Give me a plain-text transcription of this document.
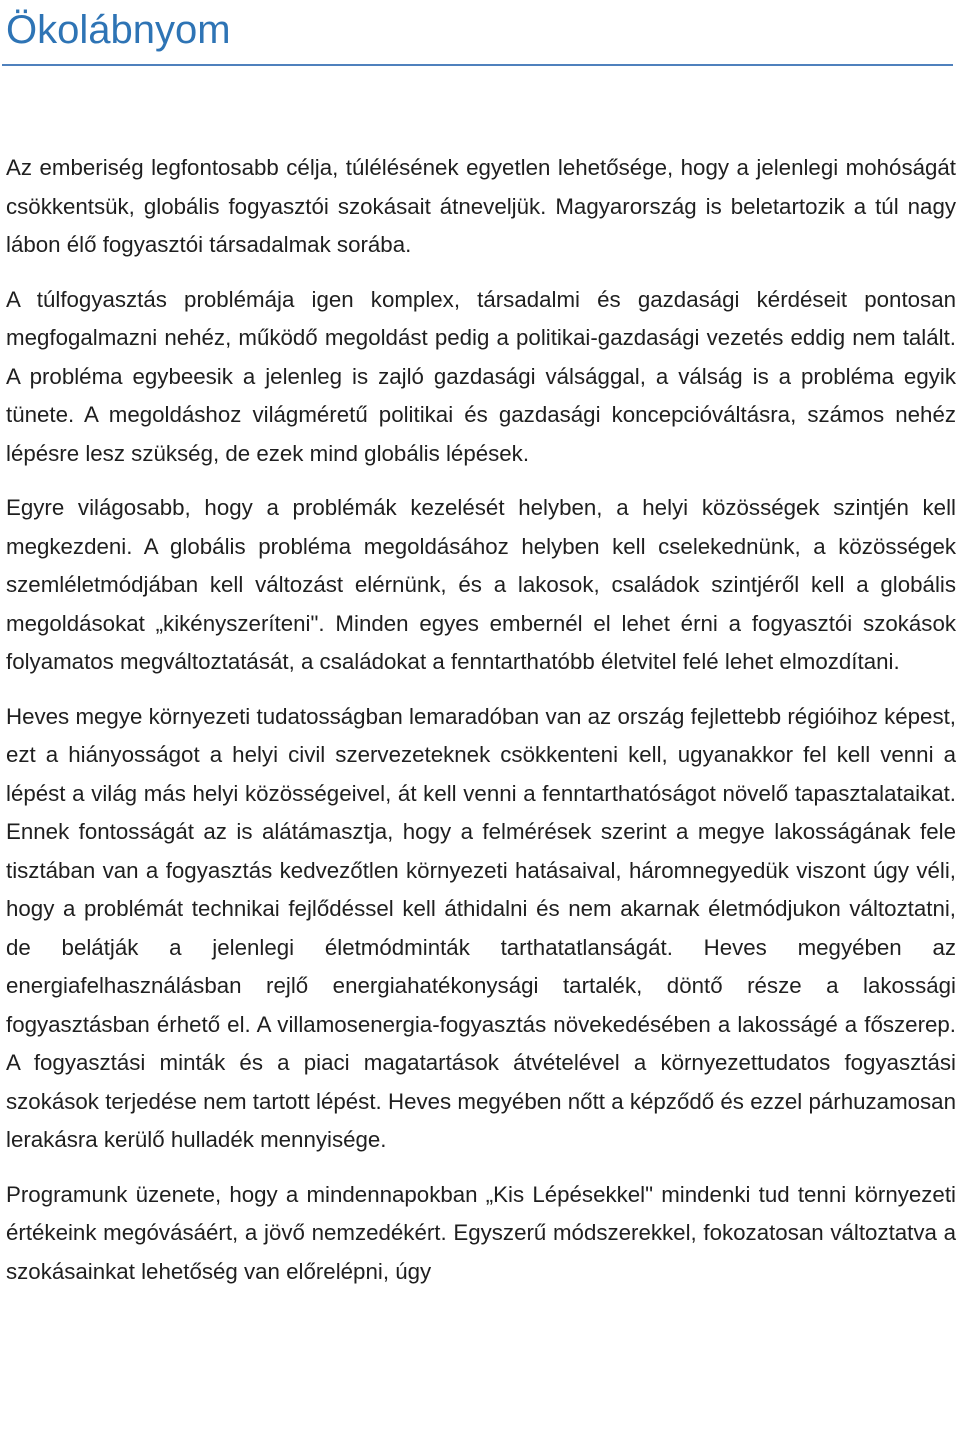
Ökolábnyom

Az emberiség legfontosabb célja, túlélésének egyetlen lehetősége, hogy a jelenlegi mohóságát csökkentsük, globális fogyasztói szokásait átneveljük. Magyarország is beletartozik a túl nagy lábon élő fogyasztói társadalmak sorába.

A túlfogyasztás problémája igen komplex, társadalmi és gazdasági kérdéseit pontosan megfogalmazni nehéz, működő megoldást pedig a politikai-gazdasági vezetés eddig nem talált. A probléma egybeesik a jelenleg is zajló gazdasági válsággal, a válság is a probléma egyik tünete. A megoldáshoz világméretű politikai és gazdasági koncepcióváltásra, számos nehéz lépésre lesz szükség, de ezek mind globális lépések.

Egyre világosabb, hogy a problémák kezelését helyben, a helyi közösségek szintjén kell megkezdeni. A globális probléma megoldásához helyben kell cselekednünk, a közösségek szemléletmódjában kell változást elérnünk, és a lakosok, családok szintjéről kell a globális megoldásokat „kikényszeríteni". Minden egyes embernél el lehet érni a fogyasztói szokások folyamatos megváltoztatását, a családokat a fenntarthatóbb életvitel felé lehet elmozdítani.

Heves megye környezeti tudatosságban lemaradóban van az ország fejlettebb régióihoz képest, ezt a hiányosságot a helyi civil szervezeteknek csökkenteni kell, ugyanakkor fel kell venni a lépést a világ más helyi közösségeivel, át kell venni a fenntarthatóságot növelő tapasztalataikat. Ennek fontosságát az is alátámasztja, hogy a felmérések szerint a megye lakosságának fele tisztában van a fogyasztás kedvezőtlen környezeti hatásaival, háromnegyedük viszont úgy véli, hogy a problémát technikai fejlődéssel kell áthidalni és nem akarnak életmódjukon változtatni, de belátják a jelenlegi életmódminták tarthatatlanságát. Heves megyében az energiafelhasználásban rejlő energiahatékonysági tartalék, döntő része a lakossági fogyasztásban érhető el. A villamosenergia-fogyasztás növekedésében a lakosságé a főszerep. A fogyasztási minták és a piaci magatartások átvételével a környezettudatos fogyasztási szokások terjedése nem tartott lépést. Heves megyében nőtt a képződő és ezzel párhuzamosan lerakásra kerülő hulladék mennyisége.

Programunk üzenete, hogy a mindennapokban „Kis Lépésekkel" mindenki tud tenni környezeti értékeink megóvásáért, a jövő nemzedékért. Egyszerű módszerekkel, fokozatosan változtatva a szokásainkat lehetőség van előrelépni, úgy
